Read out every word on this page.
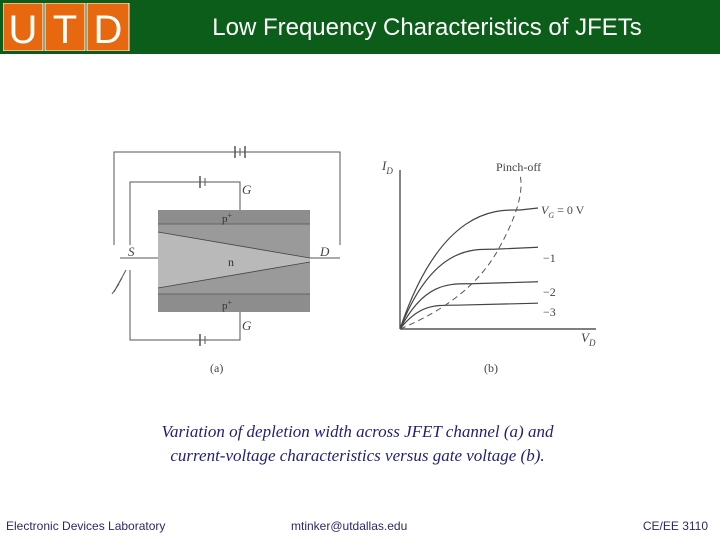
U T D	Low Frequency Characteristics of JFETs
p+
n
p+
G
G
S	D
(a)
$I_D$	Pinch-off
$V_D$
$V_G = 0$ V
−1
−2
−3
(b)
Variation of depletion width across JFET channel (a) and
current-voltage characteristics versus gate voltage (b).
Electronic Devices Laboratory	mtinker@utdallas.edu	CE/EE 3110
